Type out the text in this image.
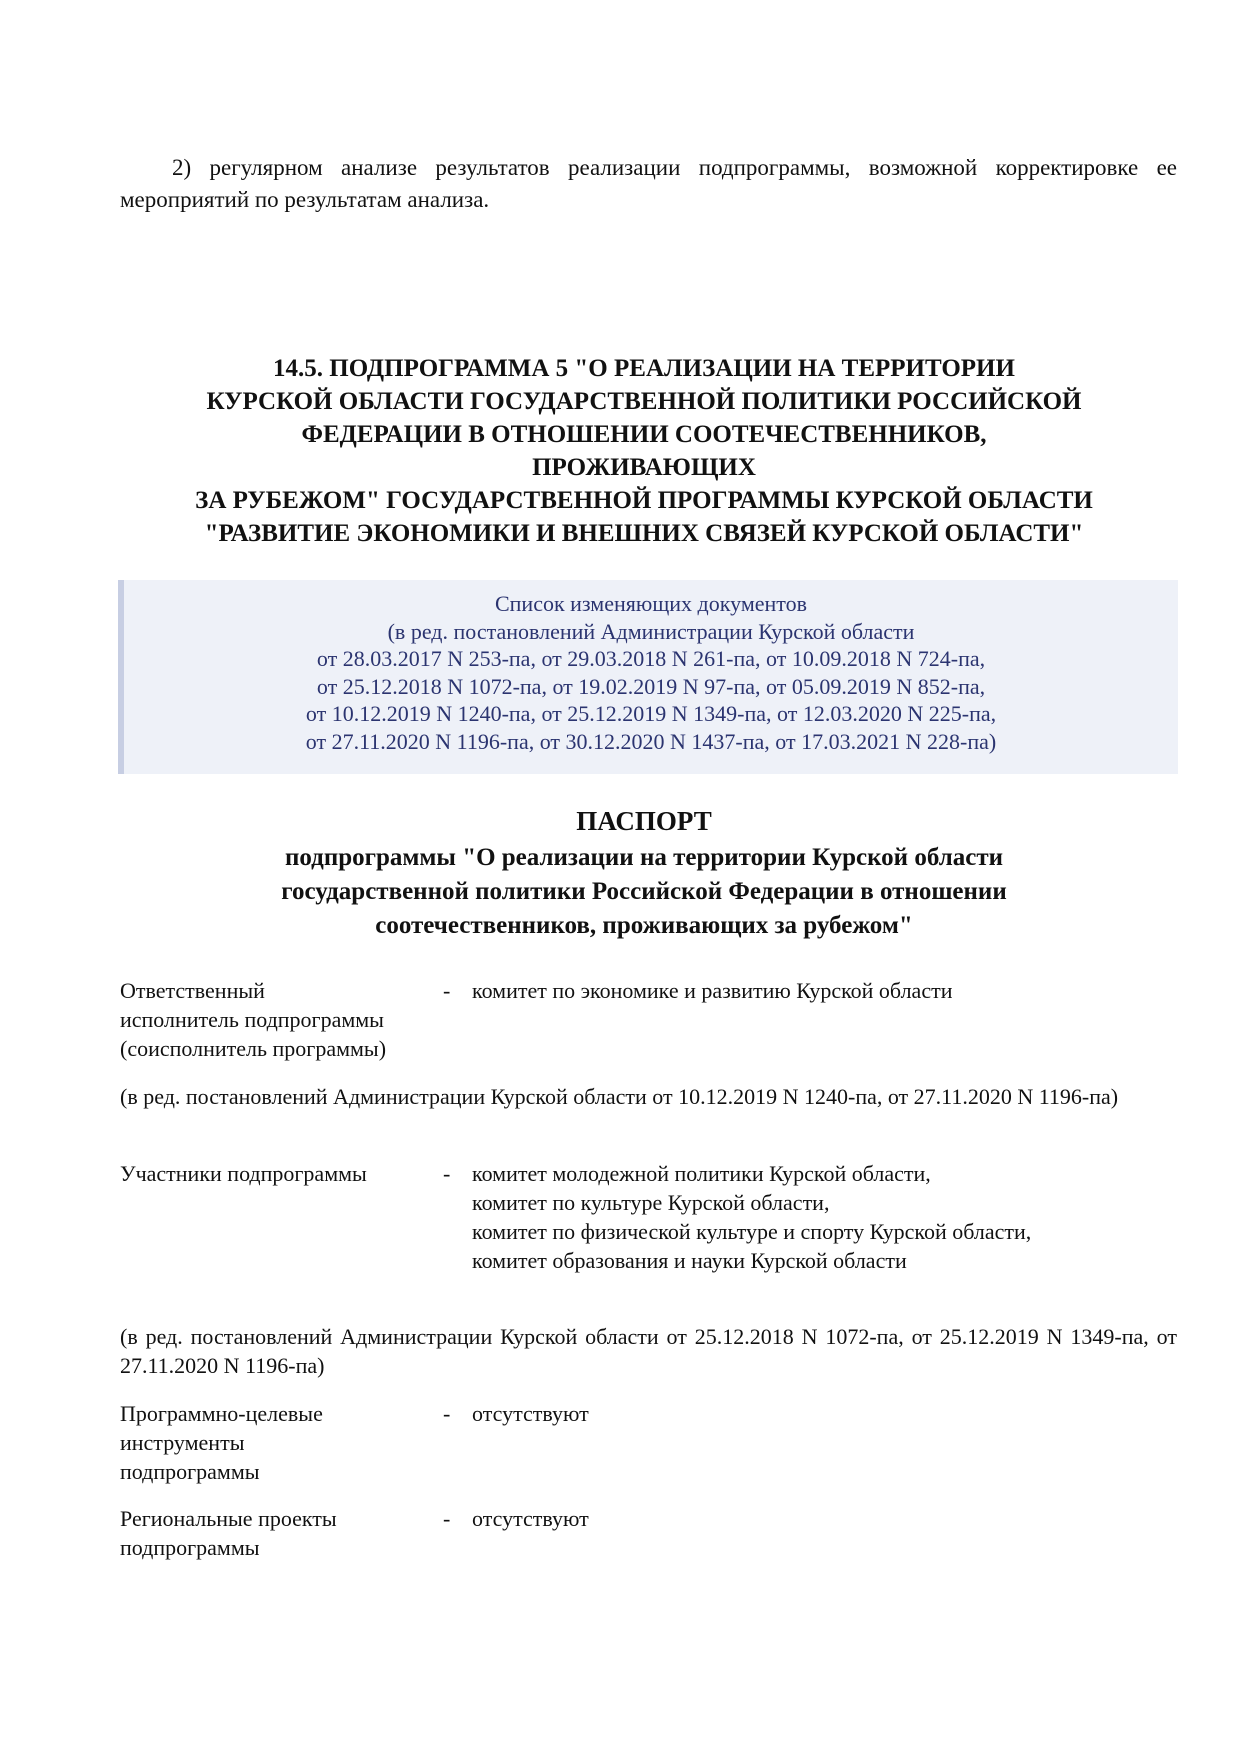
2) регулярном анализе результатов реализации подпрограммы, возможной корректировке ее мероприятий по результатам анализа.

14.5. ПОДПРОГРАММА 5 "О РЕАЛИЗАЦИИ НА ТЕРРИТОРИИ
КУРСКОЙ ОБЛАСТИ ГОСУДАРСТВЕННОЙ ПОЛИТИКИ РОССИЙСКОЙ
ФЕДЕРАЦИИ В ОТНОШЕНИИ СООТЕЧЕСТВЕННИКОВ,
ПРОЖИВАЮЩИХ
ЗА РУБЕЖОМ" ГОСУДАРСТВЕННОЙ ПРОГРАММЫ КУРСКОЙ ОБЛАСТИ
"РАЗВИТИЕ ЭКОНОМИКИ И ВНЕШНИХ СВЯЗЕЙ КУРСКОЙ ОБЛАСТИ"
Список изменяющих документов
(в ред. постановлений Администрации Курской области
от 28.03.2017 N 253-па, от 29.03.2018 N 261-па, от 10.09.2018 N 724-па,
от 25.12.2018 N 1072-па, от 19.02.2019 N 97-па, от 05.09.2019 N 852-па,
от 10.12.2019 N 1240-па, от 25.12.2019 N 1349-па, от 12.03.2020 N 225-па,
от 27.11.2020 N 1196-па, от 30.12.2020 N 1437-па, от 17.03.2021 N 228-па)
ПАСПОРТ
подпрограммы "О реализации на территории Курской области
государственной политики Российской Федерации в отношении
соотечественников, проживающих за рубежом"
Ответственный
исполнитель подпрограммы
(соисполнитель программы)
- комитет по экономике и развитию Курской области

(в ред. постановлений Администрации Курской области от 10.12.2019 N 1240-па, от 27.11.2020 N 1196-па)

Участники подпрограммы	- комитет молодежной политики Курской области,
комитет по культуре Курской области,
комитет по физической культуре и спорту Курской области,
комитет образования и науки Курской области

(в ред. постановлений Администрации Курской области от 25.12.2018 N 1072-па, от 25.12.2019 N 1349-па, от 27.11.2020 N 1196-па)

Программно-целевые
инструменты
подпрограммы
- отсутствуют
Региональные проекты
подпрограммы
- отсутствуют
